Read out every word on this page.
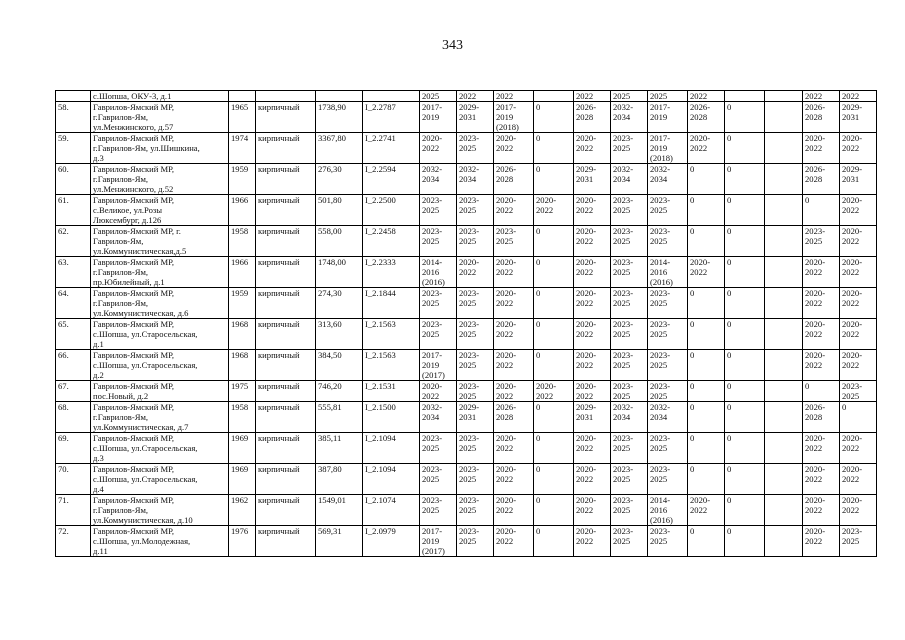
343
	с.Шопша, ОКУ-3, д.1					2025	2022	2022		2022	2025	2025	2022			2022	2022
58.	Гаврилов-Ямский МР,
г.Гаврилов-Ям,
ул.Менжинского, д.57	1965	кирпичный	1738,90	I_2.2787	2017-
2019	2029-
2031	2017-
2019
(2018)	0	2026-
2028	2032-
2034	2017-
2019	2026-
2028	0		2026-
2028	2029-
2031
59.	Гаврилов-Ямский МР,
г.Гаврилов-Ям, ул.Шишкина,
д.3	1974	кирпичный	3367,80	I_2.2741	2020-
2022	2023-
2025	2020-
2022	0	2020-
2022	2023-
2025	2017-
2019
(2018)	2020-
2022	0		2020-
2022	2020-
2022
60.	Гаврилов-Ямский МР,
г.Гаврилов-Ям,
ул.Менжинского, д.52	1959	кирпичный	276,30	I_2.2594	2032-
2034	2032-
2034	2026-
2028	0	2029-
2031	2032-
2034	2032-
2034	0	0		2026-
2028	2029-
2031
61.	Гаврилов-Ямский МР,
с.Великое, ул.Розы
Люксембург, д.126	1966	кирпичный	501,80	I_2.2500	2023-
2025	2023-
2025	2020-
2022	2020-
2022	2020-
2022	2023-
2025	2023-
2025	0	0		0	2020-
2022
62.	Гаврилов-Ямский МР, г.
Гаврилов-Ям,
ул.Коммунистическая,д.5	1958	кирпичный	558,00	I_2.2458	2023-
2025	2023-
2025	2023-
2025	0	2020-
2022	2023-
2025	2023-
2025	0	0		2023-
2025	2020-
2022
63.	Гаврилов-Ямский МР,
г.Гаврилов-Ям,
пр.Юбилейный, д.1	1966	кирпичный	1748,00	I_2.2333	2014-
2016
(2016)	2020-
2022	2020-
2022	0	2020-
2022	2023-
2025	2014-
2016
(2016)	2020-
2022	0		2020-
2022	2020-
2022
64.	Гаврилов-Ямский МР,
г.Гаврилов-Ям,
ул.Коммунистическая, д.6	1959	кирпичный	274,30	I_2.1844	2023-
2025	2023-
2025	2020-
2022	0	2020-
2022	2023-
2025	2023-
2025	0	0		2020-
2022	2020-
2022
65.	Гаврилов-Ямский МР,
с.Шопша, ул.Старосельская,
д.1	1968	кирпичный	313,60	I_2.1563	2023-
2025	2023-
2025	2020-
2022	0	2020-
2022	2023-
2025	2023-
2025	0	0		2020-
2022	2020-
2022
66.	Гаврилов-Ямский МР,
с.Шопша, ул.Старосельская,
д.2	1968	кирпичный	384,50	I_2.1563	2017-
2019
(2017)	2023-
2025	2020-
2022	0	2020-
2022	2023-
2025	2023-
2025	0	0		2020-
2022	2020-
2022
67.	Гаврилов-Ямский МР,
пос.Новый, д.2	1975	кирпичный	746,20	I_2.1531	2020-
2022	2023-
2025	2020-
2022	2020-
2022	2020-
2022	2023-
2025	2023-
2025	0	0		0	2023-
2025
68.	Гаврилов-Ямский МР,
г.Гаврилов-Ям,
ул.Коммунистическая, д.7	1958	кирпичный	555,81	I_2.1500	2032-
2034	2029-
2031	2026-
2028	0	2029-
2031	2032-
2034	2032-
2034	0	0		2026-
2028	0
69.	Гаврилов-Ямский МР,
с.Шопша, ул.Старосельская,
д.3	1969	кирпичный	385,11	I_2.1094	2023-
2025	2023-
2025	2020-
2022	0	2020-
2022	2023-
2025	2023-
2025	0	0		2020-
2022	2020-
2022
70.	Гаврилов-Ямский МР,
с.Шопша, ул.Старосельская,
д.4	1969	кирпичный	387,80	I_2.1094	2023-
2025	2023-
2025	2020-
2022	0	2020-
2022	2023-
2025	2023-
2025	0	0		2020-
2022	2020-
2022
71.	Гаврилов-Ямский МР,
г.Гаврилов-Ям,
ул.Коммунистическая, д.10	1962	кирпичный	1549,01	I_2.1074	2023-
2025	2023-
2025	2020-
2022	0	2020-
2022	2023-
2025	2014-
2016
(2016)	2020-
2022	0		2020-
2022	2020-
2022
72.	Гаврилов-Ямский МР,
с.Шопша, ул.Молодежная,
д.11	1976	кирпичный	569,31	I_2.0979	2017-
2019
(2017)	2023-
2025	2020-
2022	0	2020-
2022	2023-
2025	2023-
2025	0	0		2020-
2022	2023-
2025
